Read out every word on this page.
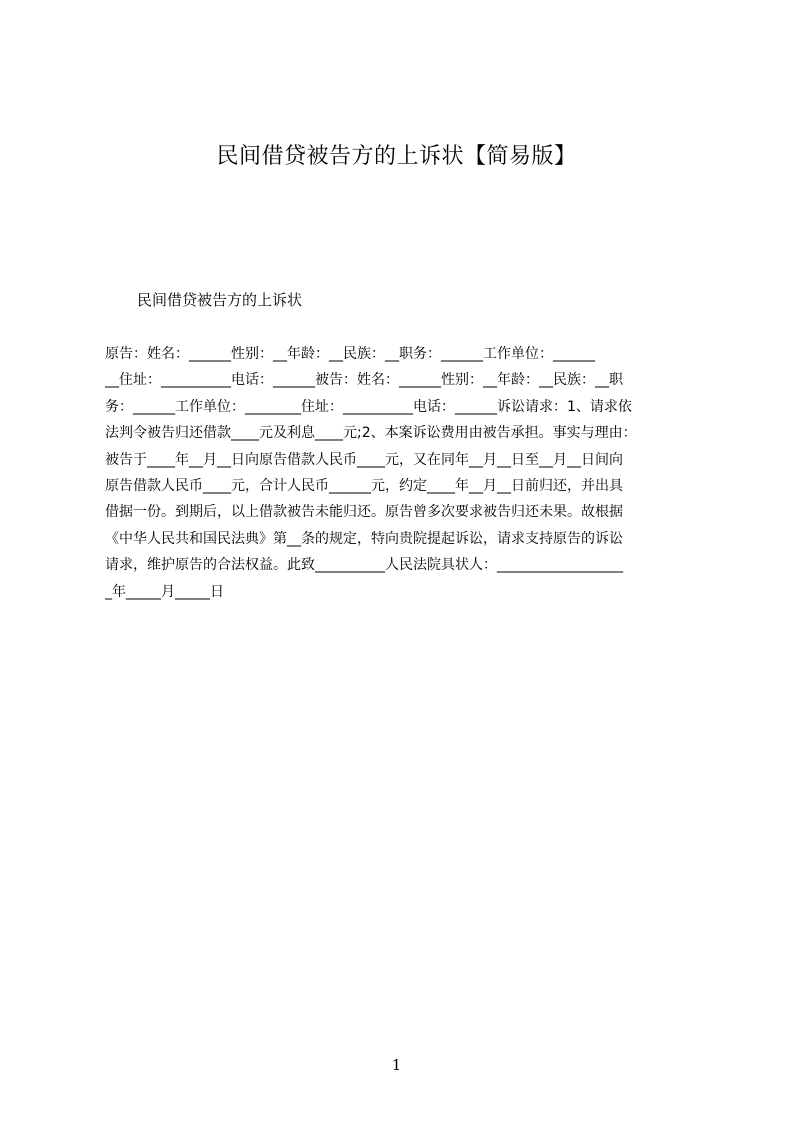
民间借贷被告方的上诉状【简易版】
民间借贷被告方的上诉状
原告：姓名：______性别：__年龄：__民族：__职务：______工作单位：______
__住址：__________电话：______被告：姓名：______性别：__年龄：__民族：__职
务：______工作单位：________住址：__________电话：______诉讼请求：1、请求依
法判令被告归还借款____元及利息____元;2、本案诉讼费用由被告承担。事实与理由：
被告于____年__月__日向原告借款人民币____元，又在同年__月__日至__月__日间向
原告借款人民币____元，合计人民币______元，约定____年__月__日前归还，并出具
借据一份。到期后，以上借款被告未能归还。原告曾多次要求被告归还未果。故根据
《中华人民共和国民法典》第__条的规定，特向贵院提起诉讼，请求支持原告的诉讼
请求，维护原告的合法权益。此致__________人民法院具状人：__________________
_年_____月_____日
1
